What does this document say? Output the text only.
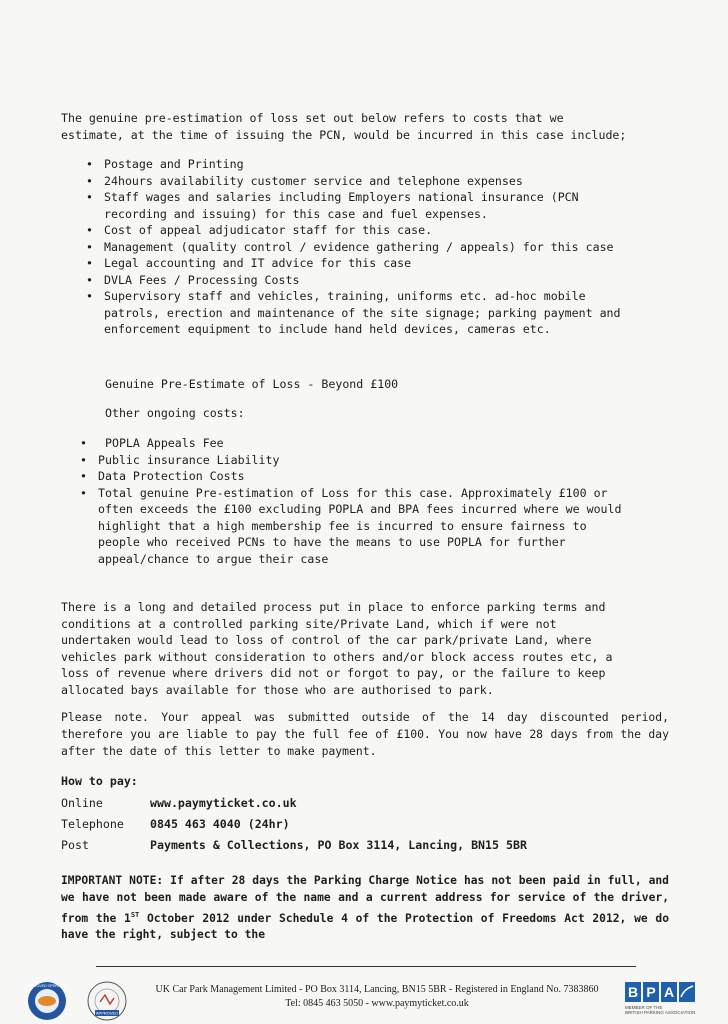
The genuine pre-estimation of loss set out below refers to costs that we
estimate, at the time of issuing the PCN, would be incurred in this case include;
• Postage and Printing
• 24hours availability customer service and telephone expenses
• Staff wages and salaries including Employers national insurance (PCN
recording and issuing) for this case and fuel expenses.
• Cost of appeal adjudicator staff for this case.
• Management (quality control / evidence gathering / appeals) for this case
• Legal accounting and IT advice for this case
• DVLA Fees / Processing Costs
• Supervisory staff and vehicles, training, uniforms etc. ad-hoc mobile
patrols, erection and maintenance of the site signage; parking payment and
enforcement equipment to include hand held devices, cameras etc.
Genuine Pre-Estimate of Loss - Beyond £100
Other ongoing costs:
•  POPLA Appeals Fee
• Public insurance Liability
• Data Protection Costs
• Total genuine Pre-estimation of Loss for this case. Approximately £100 or
often exceeds the £100 excluding POPLA and BPA fees incurred where we would
highlight that a high membership fee is incurred to ensure fairness to
people who received PCNs to have the means to use POPLA for further
appeal/chance to argue their case
There is a long and detailed process put in place to enforce parking terms and
conditions at a controlled parking site/Private Land, which if were not
undertaken would lead to loss of control of the car park/private Land, where
vehicles park without consideration to others and/or block access routes etc, a
loss of revenue where drivers did not or forgot to pay, or the failure to keep
allocated bays available for those who are authorised to park.
Please note. Your appeal was submitted outside of the 14 day discounted period, therefore you are liable to pay the full fee of £100. You now have 28 days from the day after the date of this letter to make payment.
How to pay:
Online	www.paymyticket.co.uk
Telephone	0845 463 4040 (24hr)
Post	Payments & Collections, PO Box 3114, Lancing, BN15 5BR
IMPORTANT NOTE: If after 28 days the Parking Charge Notice has not been paid in full, and we have not been made aware of the name and a current address for service of the driver, from the 1ST October 2012 under Schedule 4 of the Protection of Freedoms Act 2012, we do have the right, subject to the
APPROVED OPERATOR
APPROVED
UK Car Park Management Limited - PO Box 3114, Lancing, BN15 5BR - Registered in England No. 7383860
Tel: 0845 463 5050 - www.paymyticket.co.uk
B P A
MEMBER OF THE
BRITISH PARKING ASSOCIATION
